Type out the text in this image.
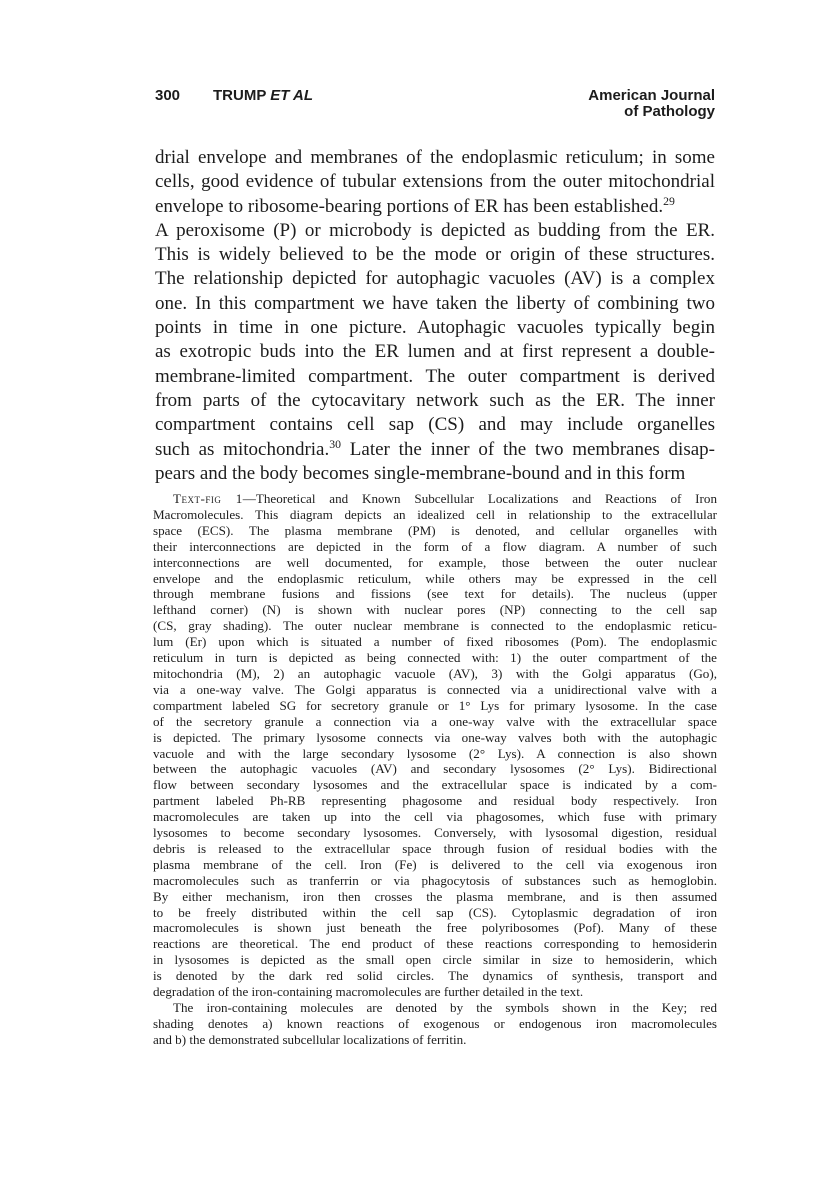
300 TRUMP ET AL	American Journal
of Pathology
drial envelope and membranes of the endoplasmic reticulum; in some
cells, good evidence of tubular extensions from the outer mitochondrial
envelope to ribosome-bearing portions of ER has been established.$^{29}$
A peroxisome (P) or microbody is depicted as budding from the ER.
This is widely believed to be the mode or origin of these structures.
The relationship depicted for autophagic vacuoles (AV) is a complex
one. In this compartment we have taken the liberty of combining two
points in time in one picture. Autophagic vacuoles typically begin
as exotropic buds into the ER lumen and at first represent a double-
membrane-limited compartment. The outer compartment is derived
from parts of the cytocavitary network such as the ER. The inner
compartment contains cell sap (CS) and may include organelles
such as mitochondria.$^{30}$ Later the inner of the two membranes disap-
pears and the body becomes single-membrane-bound and in this form
Text-fig 1—Theoretical and Known Subcellular Localizations and Reactions of Iron
Macromolecules. This diagram depicts an idealized cell in relationship to the extracellular
space (ECS). The plasma membrane (PM) is denoted, and cellular organelles with
their interconnections are depicted in the form of a flow diagram. A number of such
interconnections are well documented, for example, those between the outer nuclear
envelope and the endoplasmic reticulum, while others may be expressed in the cell
through membrane fusions and fissions (see text for details). The nucleus (upper
lefthand corner) (N) is shown with nuclear pores (NP) connecting to the cell sap
(CS, gray shading). The outer nuclear membrane is connected to the endoplasmic reticu-
lum (Er) upon which is situated a number of fixed ribosomes (Pom). The endoplasmic
reticulum in turn is depicted as being connected with: 1) the outer compartment of the
mitochondria (M), 2) an autophagic vacuole (AV), 3) with the Golgi apparatus (Go),
via a one-way valve. The Golgi apparatus is connected via a unidirectional valve with a
compartment labeled SG for secretory granule or 1° Lys for primary lysosome. In the case
of the secretory granule a connection via a one-way valve with the extracellular space
is depicted. The primary lysosome connects via one-way valves both with the autophagic
vacuole and with the large secondary lysosome (2° Lys). A connection is also shown
between the autophagic vacuoles (AV) and secondary lysosomes (2° Lys). Bidirectional
flow between secondary lysosomes and the extracellular space is indicated by a com-
partment labeled Ph-RB representing phagosome and residual body respectively. Iron
macromolecules are taken up into the cell via phagosomes, which fuse with primary
lysosomes to become secondary lysosomes. Conversely, with lysosomal digestion, residual
debris is released to the extracellular space through fusion of residual bodies with the
plasma membrane of the cell. Iron (Fe) is delivered to the cell via exogenous iron
macromolecules such as tranferrin or via phagocytosis of substances such as hemoglobin.
By either mechanism, iron then crosses the plasma membrane, and is then assumed
to be freely distributed within the cell sap (CS). Cytoplasmic degradation of iron
macromolecules is shown just beneath the free polyribosomes (Pof). Many of these
reactions are theoretical. The end product of these reactions corresponding to hemosiderin
in lysosomes is depicted as the small open circle similar in size to hemosiderin, which
is denoted by the dark red solid circles. The dynamics of synthesis, transport and
degradation of the iron-containing macromolecules are further detailed in the text.
The iron-containing molecules are denoted by the symbols shown in the Key; red
shading denotes a) known reactions of exogenous or endogenous iron macromolecules
and b) the demonstrated subcellular localizations of ferritin.
